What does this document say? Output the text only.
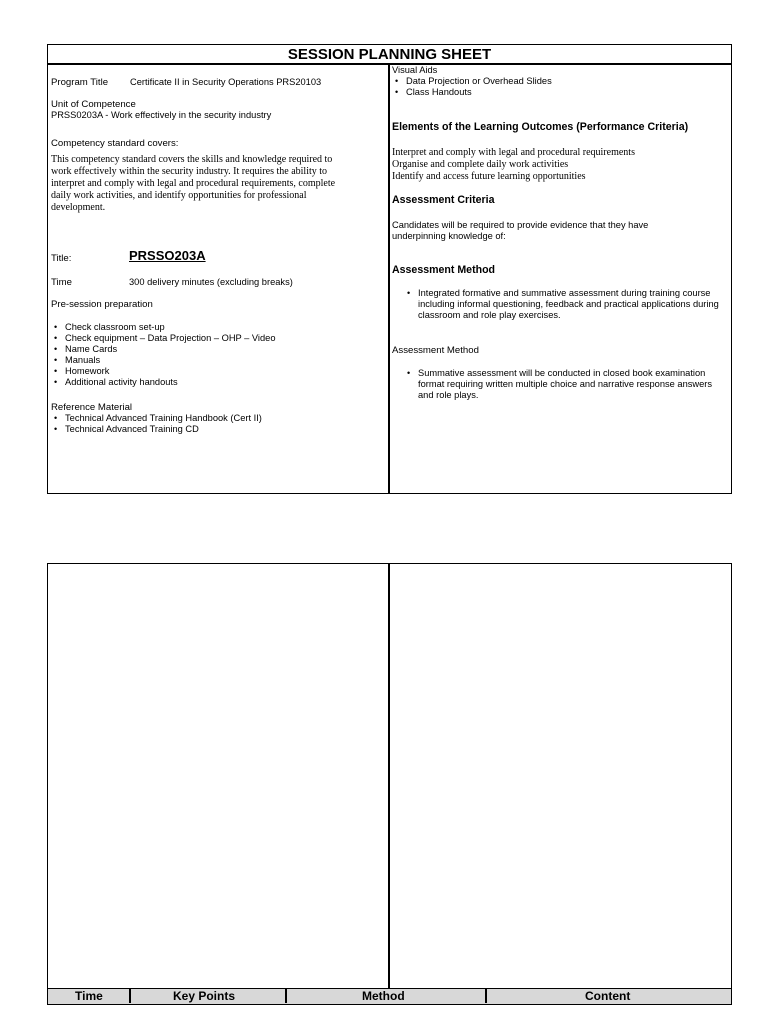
SESSION PLANNING SHEET
Program Title Certificate II in Security Operations PRS20103
Unit of Competence
PRSS0203A - Work effectively in the security industry
Competency standard covers:
This competency standard covers the skills and knowledge required to
work effectively within the security industry. It requires the ability to
interpret and comply with legal and procedural requirements, complete
daily work activities, and identify opportunities for professional
development.
Title:	PRSSO203A
Time	300 delivery minutes (excluding breaks)
Pre-session preparation
• Check classroom set-up
• Check equipment – Data Projection – OHP – Video
• Name Cards
• Manuals
• Homework
• Additional activity handouts
Reference Material
• Technical Advanced Training Handbook (Cert II)
• Technical Advanced Training CD
Visual Aids
• Data Projection or Overhead Slides
• Class Handouts
Elements of the Learning Outcomes (Performance Criteria)
Interpret and comply with legal and procedural requirements
Organise and complete daily work activities
Identify and access future learning opportunities
Assessment Criteria
Candidates will be required to provide evidence that they have
underpinning knowledge of:
Assessment Method
• Integrated formative and summative assessment during training course including informal questioning, feedback and practical applications during classroom and role play exercises.
Assessment Method
• Summative assessment will be conducted in closed book examination format requiring written multiple choice and narrative response answers and role plays.
Time	Key Points	Method	Content
